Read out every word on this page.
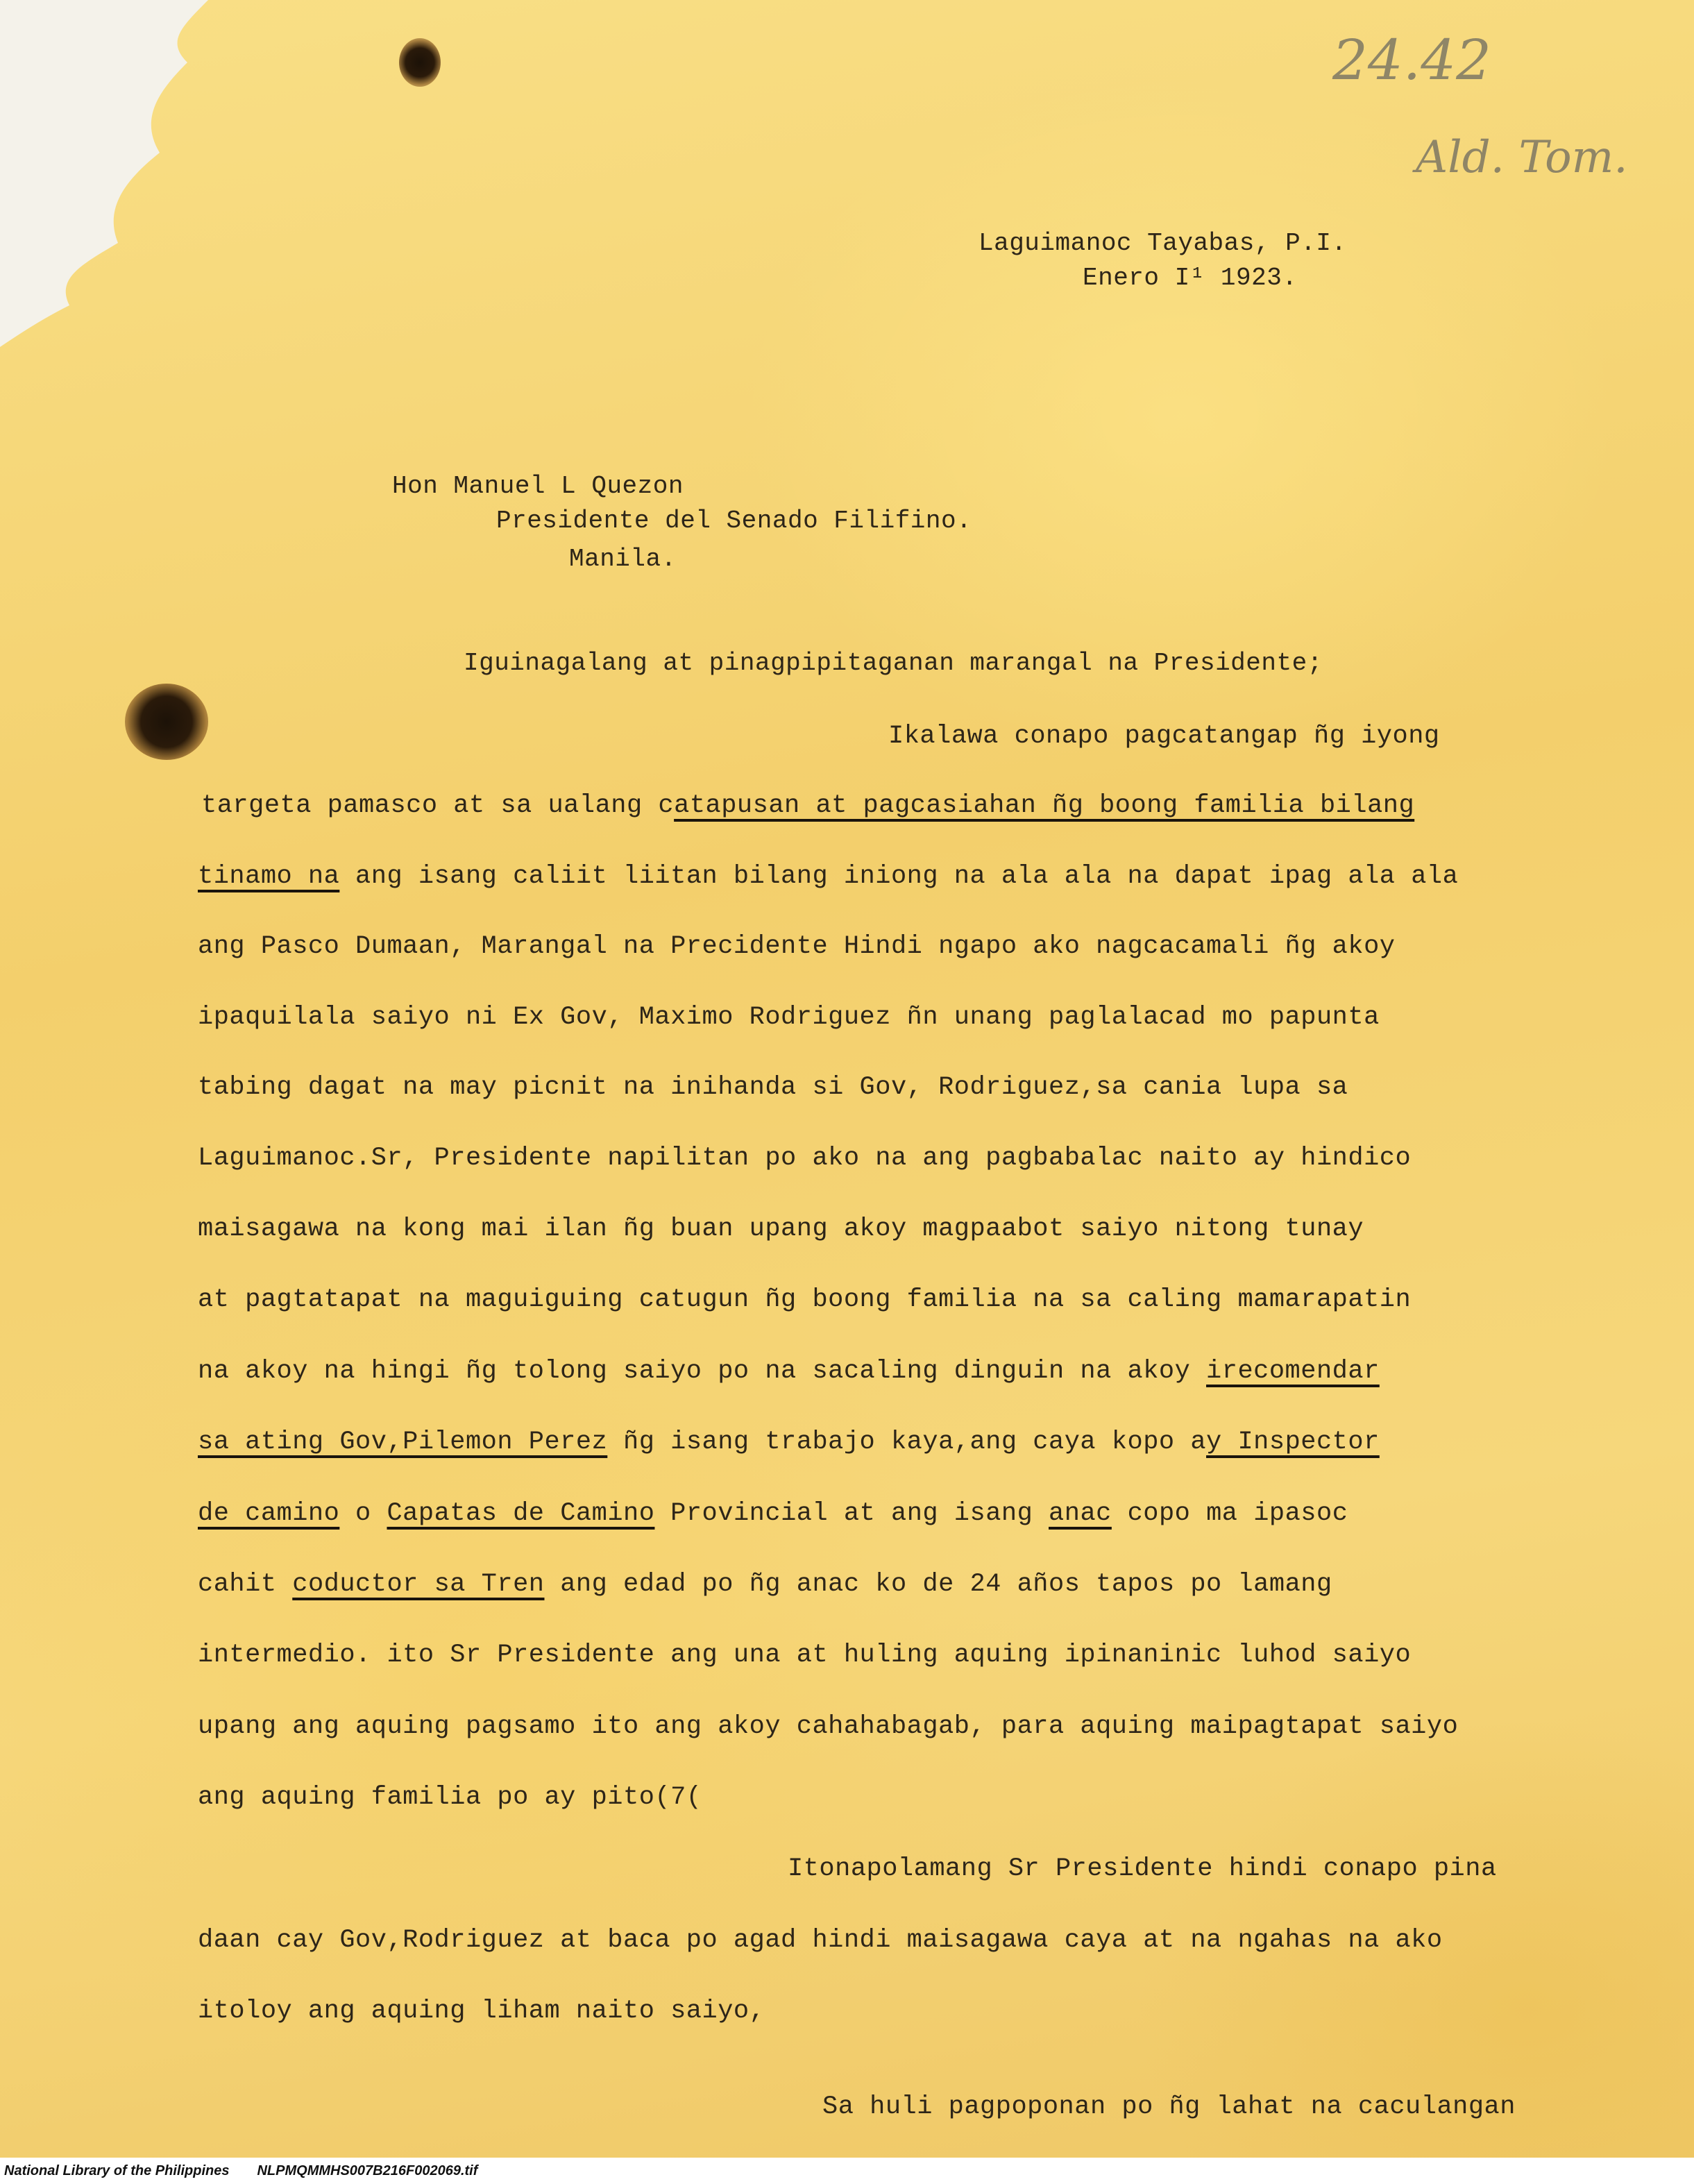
24.42
Ald. Tom.
Laguimanoc Tayabas, P.I.
Enero I¹ 1923.
Hon Manuel L Quezon
Presidente del Senado Filifino.
Manila.
Iguinagalang at pinagpipitaganan marangal na Presidente;
Ikalawa conapo pagcatangap ñg iyong
targeta pamasco at sa ualang catapusan at pagcasiahan ñg boong familia bilang
tinamo na ang isang caliit liitan bilang iniong na ala ala na dapat ipag ala ala
ang Pasco Dumaan, Marangal na Precidente Hindi ngapo ako nagcacamali ñg akoy
ipaquilala saiyo ni Ex Gov, Maximo Rodriguez ñn unang paglalacad mo papunta
tabing dagat na may picnit na inihanda si Gov, Rodriguez,sa cania lupa sa
Laguimanoc.Sr, Presidente napilitan po ako na ang pagbabalac naito ay hindico
maisagawa na kong mai ilan ñg buan upang akoy magpaabot saiyo nitong tunay
at pagtatapat na maguiguing catugun ñg boong familia na sa caling mamarapatin
na akoy na hingi ñg tolong saiyo po na sacaling dinguin na akoy irecomendar
sa ating Gov,Pilemon Perez ñg isang trabajo kaya,ang caya kopo ay Inspector
de camino o Capatas de Camino Provincial at ang isang anac copo ma ipasoc
cahit coductor sa Tren ang edad po ñg anac ko de 24 años tapos po lamang
intermedio. ito Sr Presidente ang una at huling aquing ipinaninic luhod saiyo
upang ang aquing pagsamo ito ang akoy cahahabagab, para aquing maipagtapat saiyo
ang aquing familia po ay pito(7(
Itonapolamang Sr Presidente hindi conapo pina
daan cay Gov,Rodriguez at baca po agad hindi maisagawa caya at na ngahas na ako
itoloy ang aquing liham naito saiyo,
Sa huli pagpoponan po ñg lahat na caculangan
National Library of the Philippines NLPMQMMHS007B216F002069.tif
